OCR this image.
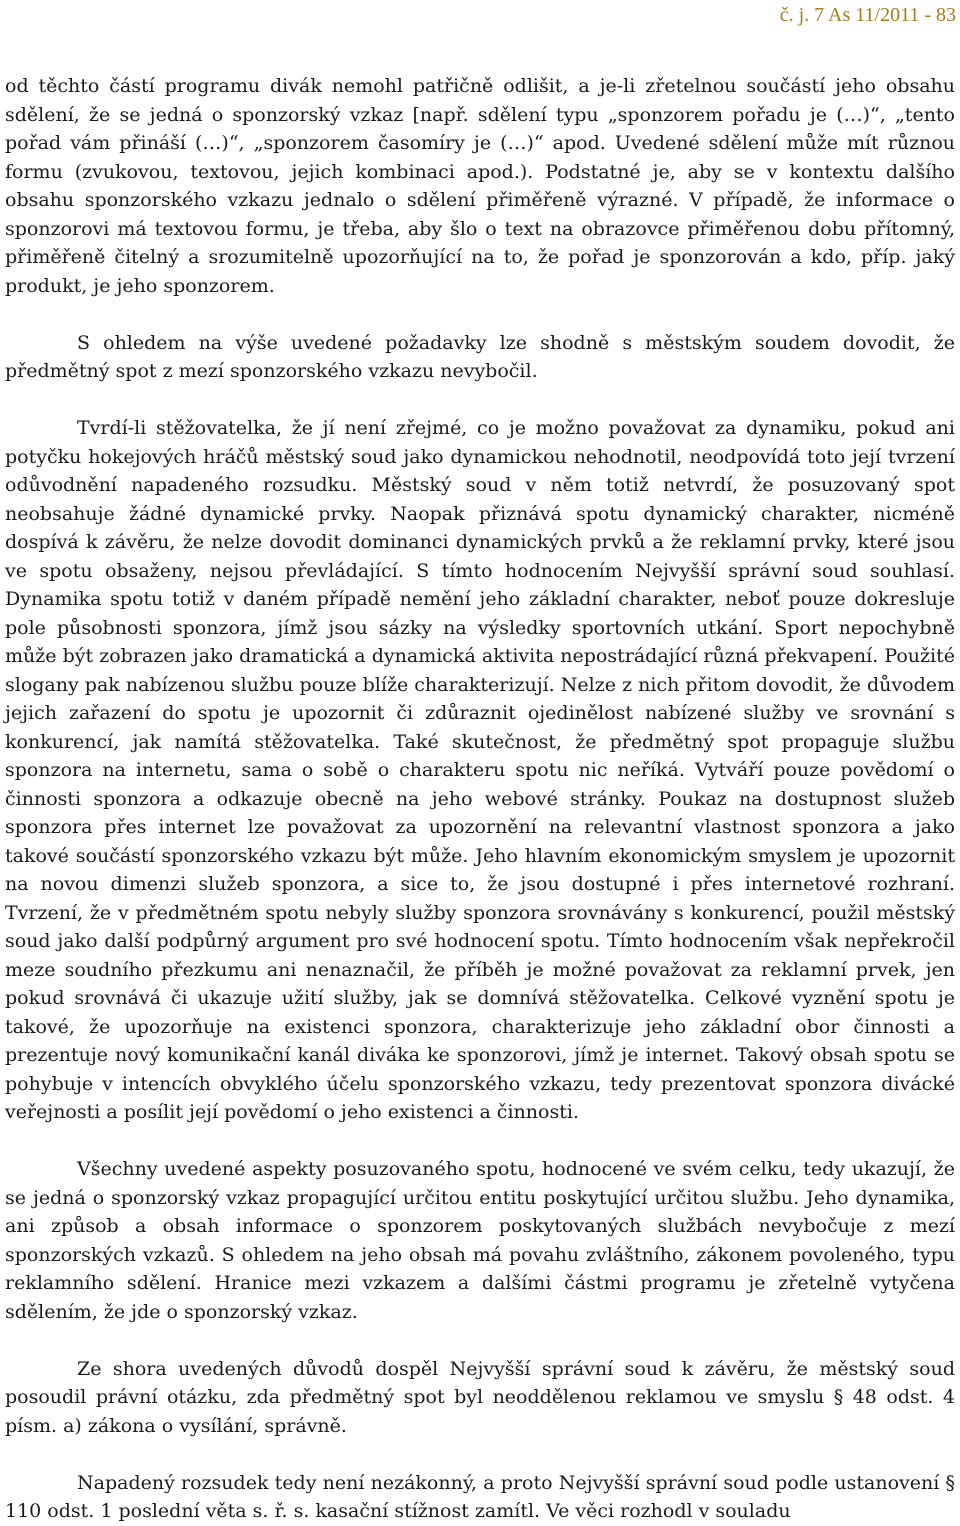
č. j. 7 As 11/2011 - 83

od těchto částí programu divák nemohl patřičně odlišit, a je-li zřetelnou součástí jeho obsahu sdělení, že se jedná o sponzorský vzkaz [např. sdělení typu „sponzorem pořadu je (…)“, „tento pořad vám přináší (…)“, „sponzorem časomíry je (…)“ apod. Uvedené sdělení může mít různou formu (zvukovou, textovou, jejich kombinaci apod.). Podstatné je, aby se v kontextu dalšího obsahu sponzorského vzkazu jednalo o sdělení přiměřeně výrazné. V případě, že informace o sponzorovi má textovou formu, je třeba, aby šlo o text na obrazovce přiměřenou dobu přítomný, přiměřeně čitelný a srozumitelně upozorňující na to, že pořad je sponzorován a kdo, příp. jaký produkt, je jeho sponzorem.

S ohledem na výše uvedené požadavky lze shodně s městským soudem dovodit, že předmětný spot z mezí sponzorského vzkazu nevybočil.

Tvrdí-li stěžovatelka, že jí není zřejmé, co je možno považovat za dynamiku, pokud ani potyčku hokejových hráčů městský soud jako dynamickou nehodnotil, neodpovídá toto její tvrzení odůvodnění napadeného rozsudku. Městský soud v něm totiž netvrdí, že posuzovaný spot neobsahuje žádné dynamické prvky. Naopak přiznává spotu dynamický charakter, nicméně dospívá k závěru, že nelze dovodit dominanci dynamických prvků a že reklamní prvky, které jsou ve spotu obsaženy, nejsou převládající. S tímto hodnocením Nejvyšší správní soud souhlasí. Dynamika spotu totiž v daném případě nemění jeho základní charakter, neboť pouze dokresluje pole působnosti sponzora, jímž jsou sázky na výsledky sportovních utkání. Sport nepochybně může být zobrazen jako dramatická a dynamická aktivita nepostrádající různá překvapení. Použité slogany pak nabízenou službu pouze blíže charakterizují. Nelze z nich přitom dovodit, že důvodem jejich zařazení do spotu je upozornit či zdůraznit ojedinělost nabízené služby ve srovnání s konkurencí, jak namítá stěžovatelka. Také skutečnost, že předmětný spot propaguje službu sponzora na internetu, sama o sobě o charakteru spotu nic neříká. Vytváří pouze povědomí o činnosti sponzora a odkazuje obecně na jeho webové stránky. Poukaz na dostupnost služeb sponzora přes internet lze považovat za upozornění na relevantní vlastnost sponzora a jako takové součástí sponzorského vzkazu být může. Jeho hlavním ekonomickým smyslem je upozornit na novou dimenzi služeb sponzora, a sice to, že jsou dostupné i přes internetové rozhraní. Tvrzení, že v předmětném spotu nebyly služby sponzora srovnávány s konkurencí, použil městský soud jako další podpůrný argument pro své hodnocení spotu. Tímto hodnocením však nepřekročil meze soudního přezkumu ani nenaznačil, že příběh je možné považovat za reklamní prvek, jen pokud srovnává či ukazuje užití služby, jak se domnívá stěžovatelka. Celkové vyznění spotu je takové, že upozorňuje na existenci sponzora, charakterizuje jeho základní obor činnosti a prezentuje nový komunikační kanál diváka ke sponzorovi, jímž je internet. Takový obsah spotu se pohybuje v intencích obvyklého účelu sponzorského vzkazu, tedy prezentovat sponzora divácké veřejnosti a posílit její povědomí o jeho existenci a činnosti.

Všechny uvedené aspekty posuzovaného spotu, hodnocené ve svém celku, tedy ukazují, že se jedná o sponzorský vzkaz propagující určitou entitu poskytující určitou službu. Jeho dynamika, ani způsob a obsah informace o sponzorem poskytovaných službách nevybočuje z mezí sponzorských vzkazů. S ohledem na jeho obsah má povahu zvláštního, zákonem povoleného, typu reklamního sdělení. Hranice mezi vzkazem a dalšími částmi programu je zřetelně vytyčena sdělením, že jde o sponzorský vzkaz.

Ze shora uvedených důvodů dospěl Nejvyšší správní soud k závěru, že městský soud posoudil právní otázku, zda předmětný spot byl neoddělenou reklamou ve smyslu § 48 odst. 4 písm. a) zákona o vysílání, správně.

Napadený rozsudek tedy není nezákonný, a proto Nejvyšší správní soud podle ustanovení § 110 odst. 1 poslední věta s. ř. s. kasační stížnost zamítl. Ve věci rozhodl v souladu
